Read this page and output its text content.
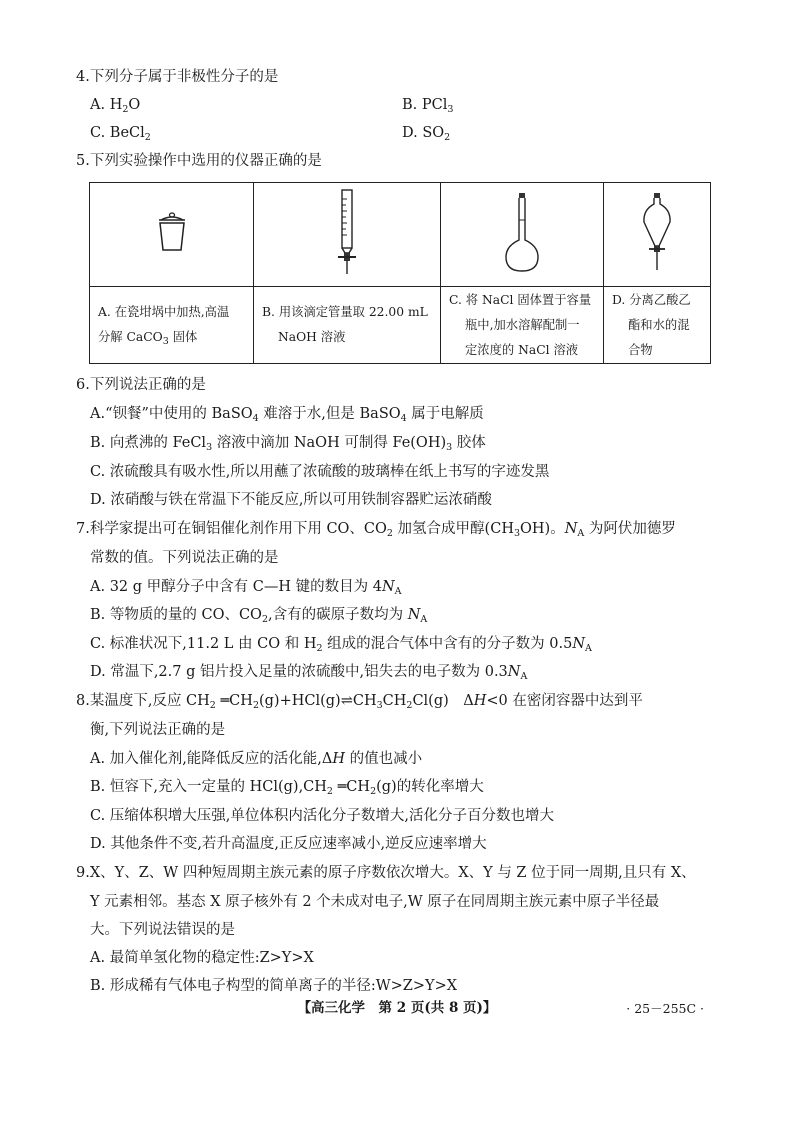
4.下列分子属于非极性分子的是
A. $H_2O$	B. PCl$_3$
C. BeCl$_2$	D. $SO_2$
5.下列实验操作中选用的仪器正确的是

A. 在瓷坩埚中加热,高温
分解 CaCO$_3$ 固体	B. 用该滴定管量取 22.00 mL
NaOH 溶液	C. 将 NaCl 固体置于容量
瓶中,加水溶解配制一
定浓度的 NaCl 溶液	D. 分离乙酸乙
酯和水的混
合物
6.下列说法正确的是
A.“钡餐”中使用的 BaSO$_4$ 难溶于水,但是 BaSO$_4$ 属于电解质
B. 向煮沸的 FeCl$_3$ 溶液中滴加 NaOH 可制得 $Fe(OH)_3$ 胶体
C. 浓硫酸具有吸水性,所以用蘸了浓硫酸的玻璃棒在纸上书写的字迹发黑
D. 浓硝酸与铁在常温下不能反应,所以可用铁制容器贮运浓硝酸
7.科学家提出可在铜铝催化剂作用下用 CO、$CO_2$ 加氢合成甲醇$(CH_3OH)$。$N_A$ 为阿伏加德罗
常数的值。下列说法正确的是
A. 32 g 甲醇分子中含有 C—H 键的数目为 $4N_A$
B. 等物质的量的 CO、$CO_2$,含有的碳原子数均为 $N_A$
C. 标准状况下,11.2 L 由 CO 和 $H_2$ 组成的混合气体中含有的分子数为 $0.5N_A$
D. 常温下,2.7 g 铝片投入足量的浓硫酸中,铝失去的电子数为 $0.3N_A$
8.某温度下,反应 $CH_2$ $═CH_2(g)+HCl(g)\rightleftharpoons CH_3CH_2Cl(g)$　ΔH<0 在密闭容器中达到平
衡,下列说法正确的是
A. 加入催化剂,能降低反应的活化能,ΔH 的值也减小
B. 恒容下,充入一定量的 $HCl(g),CH_2$ $═CH_2(g)$的转化率增大
C. 压缩体积增大压强,单位体积内活化分子数增大,活化分子百分数也增大
D. 其他条件不变,若升高温度,正反应速率减小,逆反应速率增大
9.X、Y、Z、W 四种短周期主族元素的原子序数依次增大。X、Y 与 Z 位于同一周期,且只有 X、
Y 元素相邻。基态 X 原子核外有 2 个未成对电子,W 原子在同周期主族元素中原子半径最
大。下列说法错误的是
A. 最简单氢化物的稳定性:Z>Y>X
B. 形成稀有气体电子构型的简单离子的半径:W>Z>Y>X
【高三化学　第 2 页(共 8 页)】	· 25－255C ·
